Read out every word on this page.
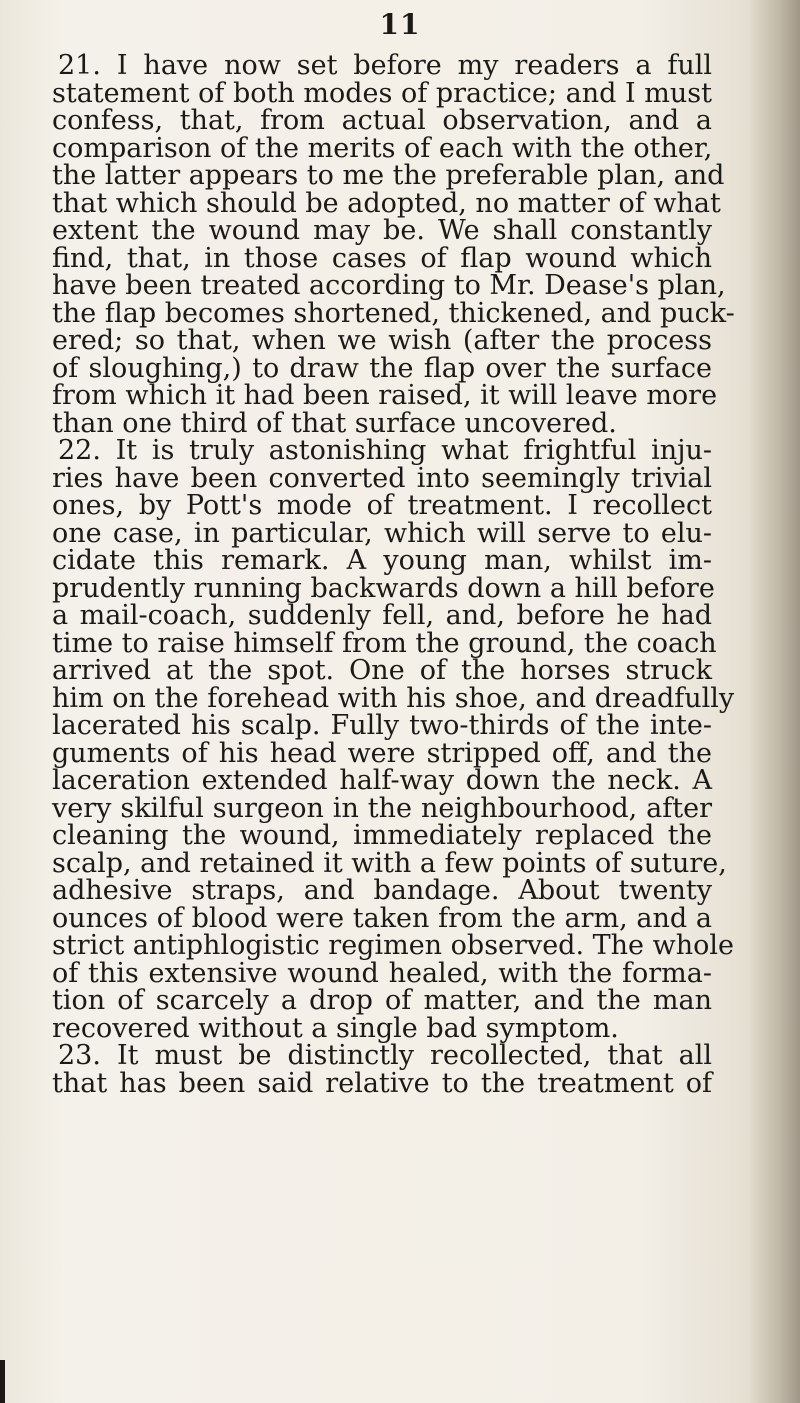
11
21. I have now set before my readers a full
statement of both modes of practice; and I must
confess, that, from actual observation, and a
comparison of the merits of each with the other,
the latter appears to me the preferable plan, and
that which should be adopted, no matter of what
extent the wound may be. We shall constantly
find, that, in those cases of flap wound which
have been treated according to Mr. Dease's plan,
the flap becomes shortened, thickened, and puck-
ered; so that, when we wish (after the process
of sloughing,) to draw the flap over the surface
from which it had been raised, it will leave more
than one third of that surface uncovered.
22. It is truly astonishing what frightful inju-
ries have been converted into seemingly trivial
ones, by Pott's mode of treatment. I recollect
one case, in particular, which will serve to elu-
cidate this remark. A young man, whilst im-
prudently running backwards down a hill before
a mail-coach, suddenly fell, and, before he had
time to raise himself from the ground, the coach
arrived at the spot. One of the horses struck
him on the forehead with his shoe, and dreadfully
lacerated his scalp. Fully two-thirds of the inte-
guments of his head were stripped off, and the
laceration extended half-way down the neck. A
very skilful surgeon in the neighbourhood, after
cleaning the wound, immediately replaced the
scalp, and retained it with a few points of suture,
adhesive straps, and bandage. About twenty
ounces of blood were taken from the arm, and a
strict antiphlogistic regimen observed. The whole
of this extensive wound healed, with the forma-
tion of scarcely a drop of matter, and the man
recovered without a single bad symptom.
23. It must be distinctly recollected, that all
that has been said relative to the treatment of
